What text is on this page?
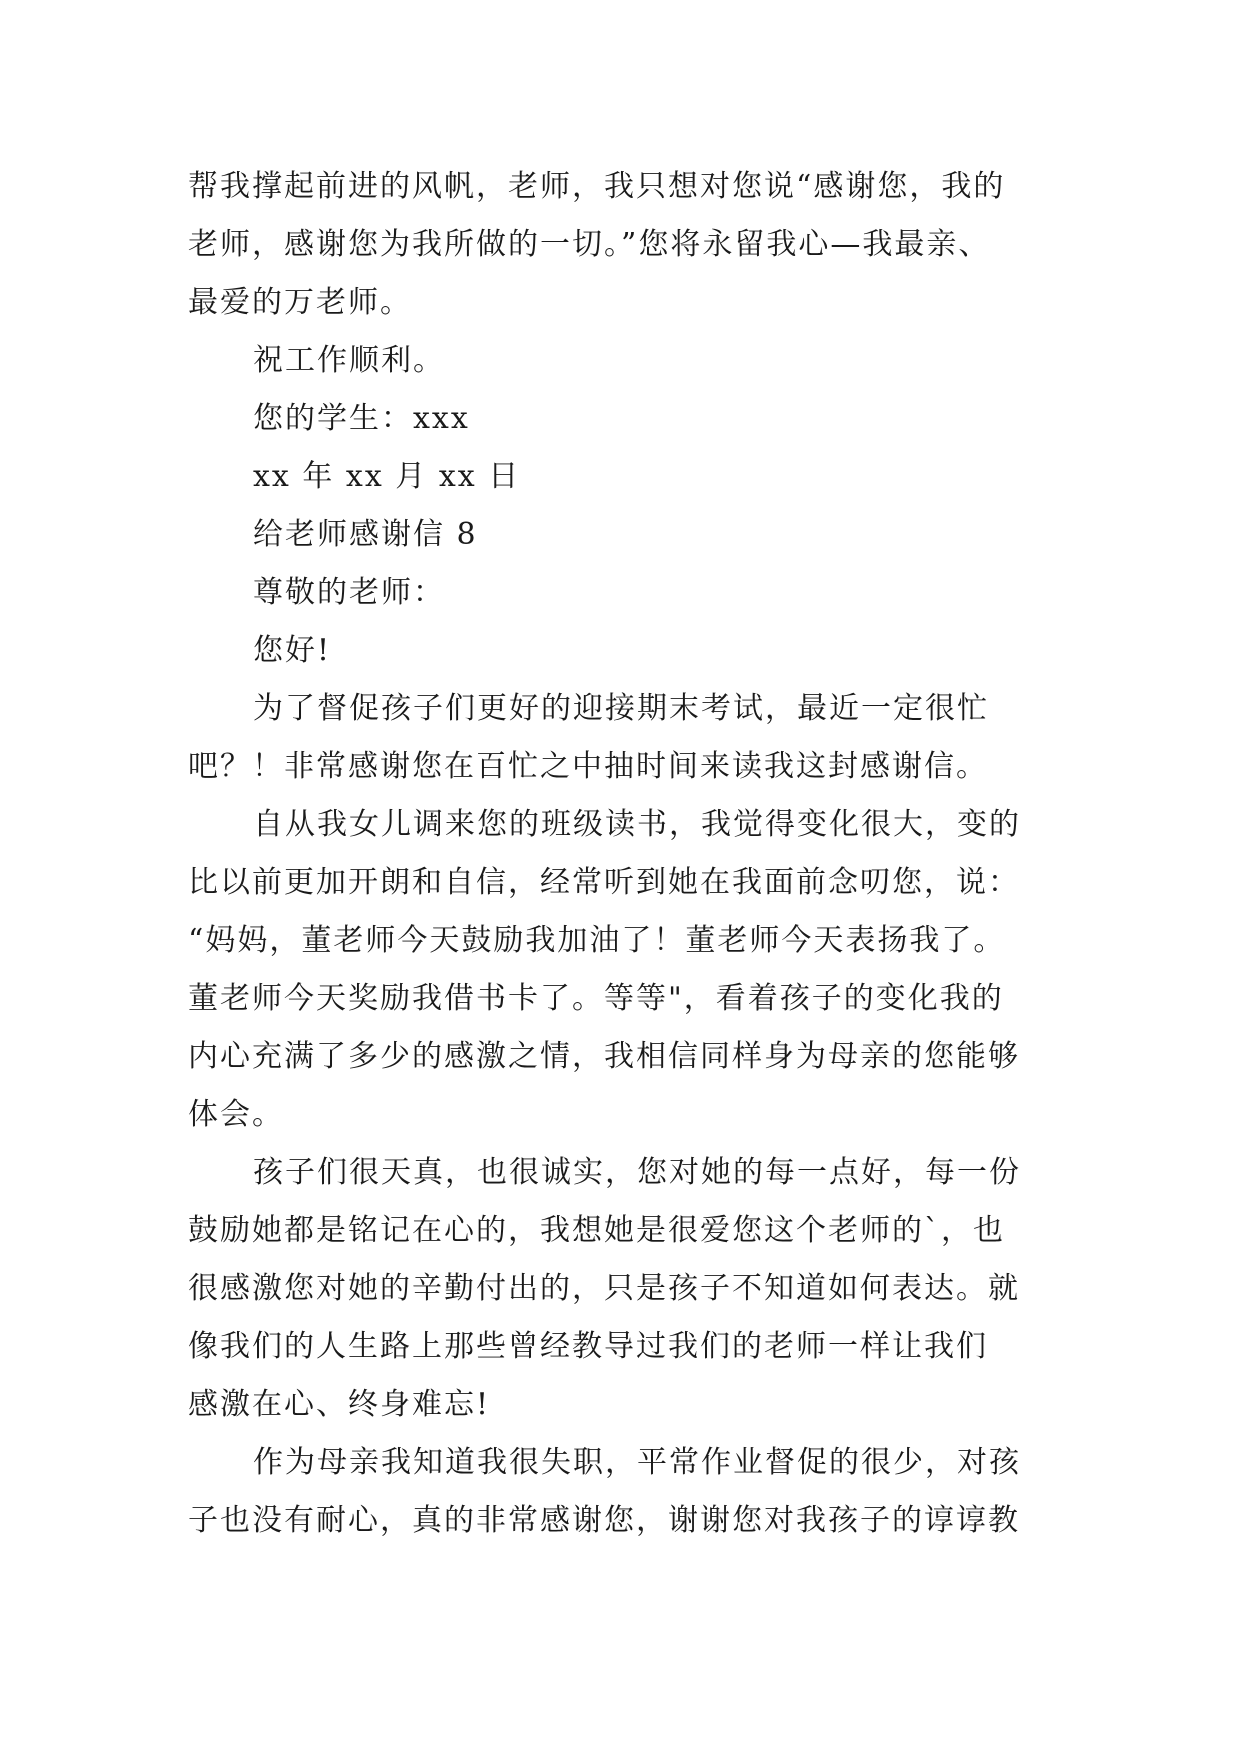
帮我撑起前进的风帆，老师，我只想对您说“感谢您，我的
老师，感谢您为我所做的一切。”您将永留我心—我最亲、
最爱的万老师。
祝工作顺利。
您的学生：xxx
xx 年 xx 月 xx 日
给老师感谢信 8
尊敬的老师：
您好!
为了督促孩子们更好的迎接期末考试，最近一定很忙
吧？！非常感谢您在百忙之中抽时间来读我这封感谢信。
自从我女儿调来您的班级读书，我觉得变化很大，变的
比以前更加开朗和自信，经常听到她在我面前念叨您，说：
“妈妈，董老师今天鼓励我加油了！董老师今天表扬我了。
董老师今天奖励我借书卡了。等等"，看着孩子的变化我的
内心充满了多少的感激之情，我相信同样身为母亲的您能够
体会。
孩子们很天真，也很诚实，您对她的每一点好，每一份
鼓励她都是铭记在心的，我想她是很爱您这个老师的`，也
很感激您对她的辛勤付出的，只是孩子不知道如何表达。就
像我们的人生路上那些曾经教导过我们的老师一样让我们
感激在心、终身难忘!
作为母亲我知道我很失职，平常作业督促的很少，对孩
子也没有耐心，真的非常感谢您，谢谢您对我孩子的谆谆教
